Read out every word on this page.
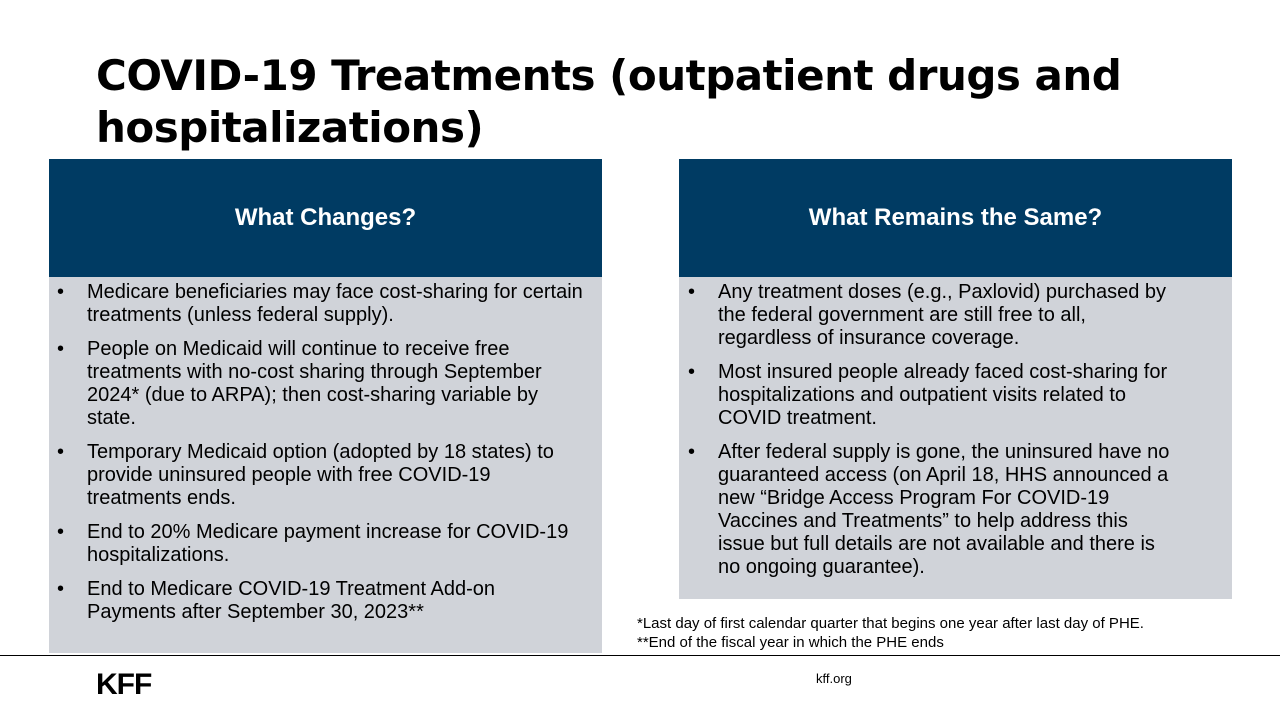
COVID-19 Treatments (outpatient drugs and hospitalizations)
What Changes?
• Medicare beneficiaries may face cost-sharing for certain treatments (unless federal supply).
• People on Medicaid will continue to receive free treatments with no-cost sharing through September 2024* (due to ARPA); then cost-sharing variable by state.
• Temporary Medicaid option (adopted by 18 states) to provide uninsured people with free COVID-19 treatments ends.
• End to 20% Medicare payment increase for COVID-19 hospitalizations.
• End to Medicare COVID-19 Treatment Add-on Payments after September 30, 2023**
What Remains the Same?
• Any treatment doses (e.g., Paxlovid) purchased by the federal government are still free to all, regardless of insurance coverage.
• Most insured people already faced cost-sharing for hospitalizations and outpatient visits related to COVID treatment.
• After federal supply is gone, the uninsured have no guaranteed access (on April 18, HHS announced a new “Bridge Access Program For COVID-19 Vaccines and Treatments” to help address this issue but full details are not available and there is no ongoing guarantee).
*Last day of first calendar quarter that begins one year after last day of PHE.
**End of the fiscal year in which the PHE ends
KFF	kff.org
